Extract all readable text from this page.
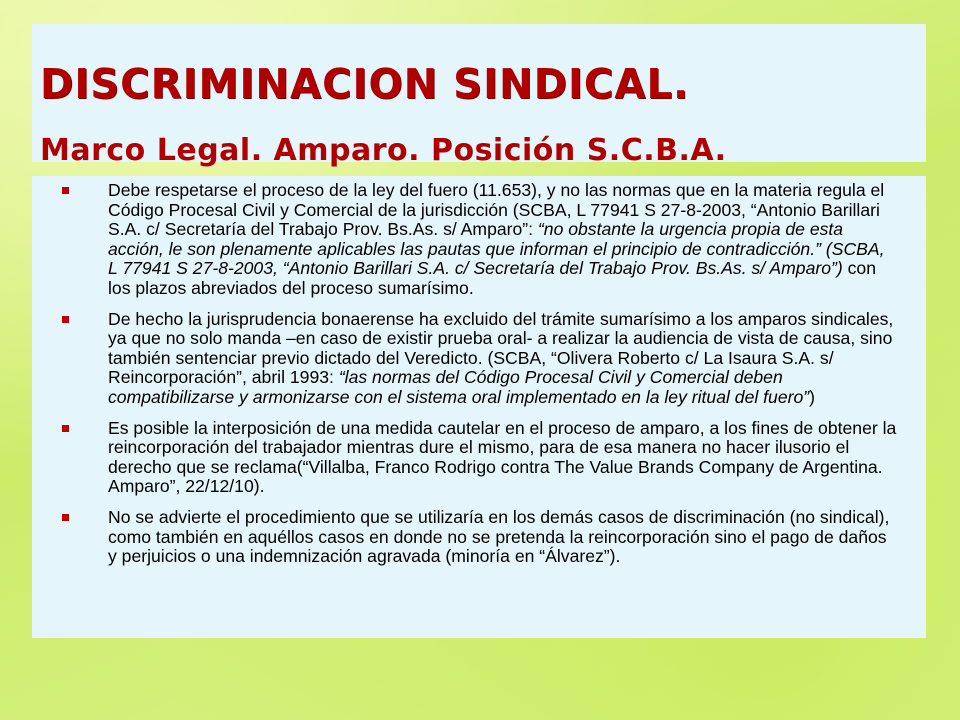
DISCRIMINACION SINDICAL.
Marco Legal. Amparo. Posición S.C.B.A.
Debe respetarse el proceso de la ley del fuero (11.653), y no las normas que en la materia regula el Código Procesal Civil y Comercial de la jurisdicción (SCBA, L 77941 S 27-8-2003, “Antonio Barillari S.A. c/ Secretaría del Trabajo Prov. Bs.As. s/ Amparo”: “no obstante la urgencia propia de esta acción, le son plenamente aplicables las pautas que informan el principio de contradicción.” (SCBA, L 77941 S 27-8-2003, “Antonio Barillari S.A. c/ Secretaría del Trabajo Prov. Bs.As. s/ Amparo”) con los plazos abreviados del proceso sumarísimo.
De hecho la jurisprudencia bonaerense ha excluido del trámite sumarísimo a los amparos sindicales, ya que no solo manda –en caso de existir prueba oral- a realizar la audiencia de vista de causa, sino también sentenciar previo dictado del Veredicto. (SCBA, “Olivera Roberto c/ La Isaura S.A. s/ Reincorporación”, abril 1993: “las normas del Código Procesal Civil y Comercial deben compatibilizarse y armonizarse con el sistema oral implementado en la ley ritual del fuero”)
Es posible la interposición de una medida cautelar en el proceso de amparo, a los fines de obtener la reincorporación del trabajador mientras dure el mismo, para de esa manera no hacer ilusorio el derecho que se reclama(“Villalba, Franco Rodrigo contra The Value Brands Company de Argentina. Amparo”, 22/12/10).
No se advierte el procedimiento que se utilizaría en los demás casos de discriminación (no sindical), como también en aquéllos casos en donde no se pretenda la reincorporación sino el pago de daños y perjuicios o una indemnización agravada (minoría en “Álvarez”).
